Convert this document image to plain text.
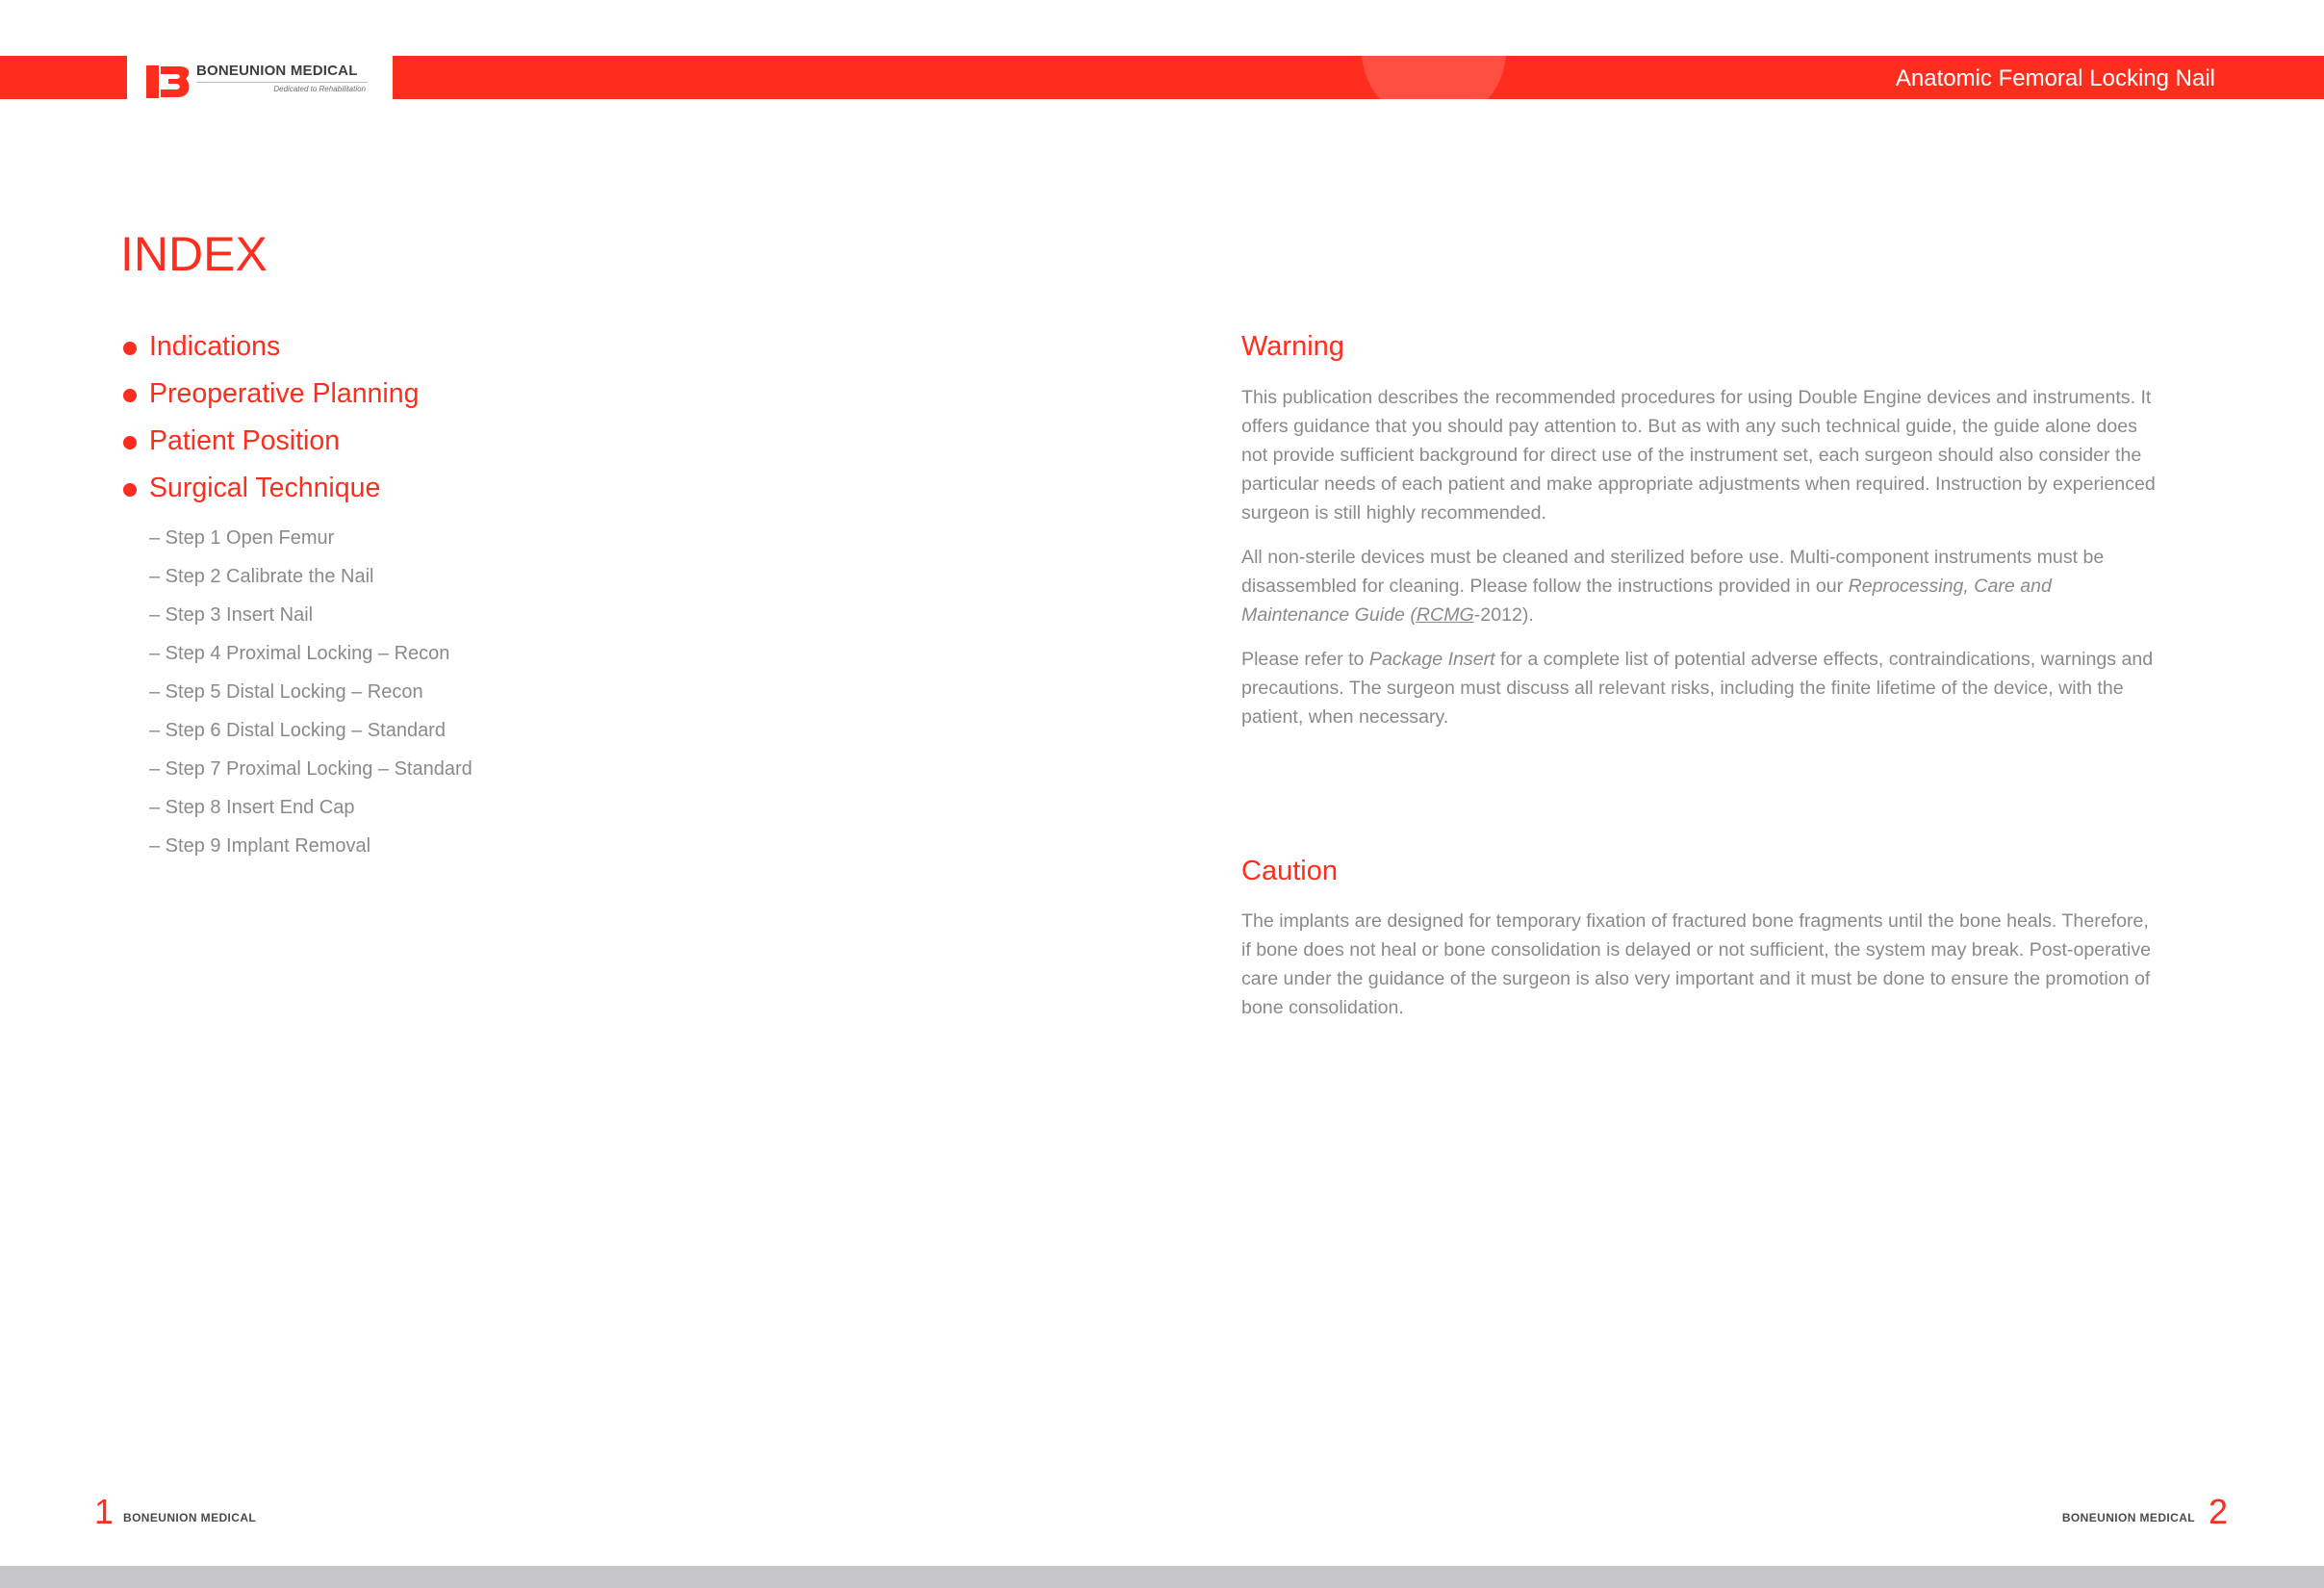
BONEUNION MEDICAL
Dedicated to Rehabilitation	Anatomic Femoral Locking Nail
INDEX
Indications
Preoperative Planning
Patient Position
Surgical Technique
– Step 1 Open Femur
– Step 2 Calibrate the Nail
– Step 3 Insert Nail
– Step 4 Proximal Locking – Recon
– Step 5 Distal Locking – Recon
– Step 6 Distal Locking – Standard
– Step 7 Proximal Locking – Standard
– Step 8 Insert End Cap
– Step 9 Implant Removal
Warning

This publication describes the recommended procedures for using Double Engine devices and instruments. It offers guidance that you should pay attention to. But as with any such technical guide, the guide alone does not provide sufficient background for direct use of the instrument set, each surgeon should also consider the particular needs of each patient and make appropriate adjustments when required. Instruction by experienced surgeon is still highly recommended.

All non-sterile devices must be cleaned and sterilized before use. Multi-component instruments must be disassembled for cleaning. Please follow the instructions provided in our Reprocessing, Care and Maintenance Guide (RCMG-2012).

Please refer to Package Insert for a complete list of potential adverse effects, contraindications, warnings and precautions. The surgeon must discuss all relevant risks, including the finite lifetime of the device, with the patient, when necessary.

Caution

The implants are designed for temporary fixation of fractured bone fragments until the bone heals. Therefore, if bone does not heal or bone consolidation is delayed or not sufficient, the system may break. Post-operative care under the guidance of the surgeon is also very important and it must be done to ensure the promotion of bone consolidation.

1 BONEUNION MEDICAL	BONEUNION MEDICAL 2
